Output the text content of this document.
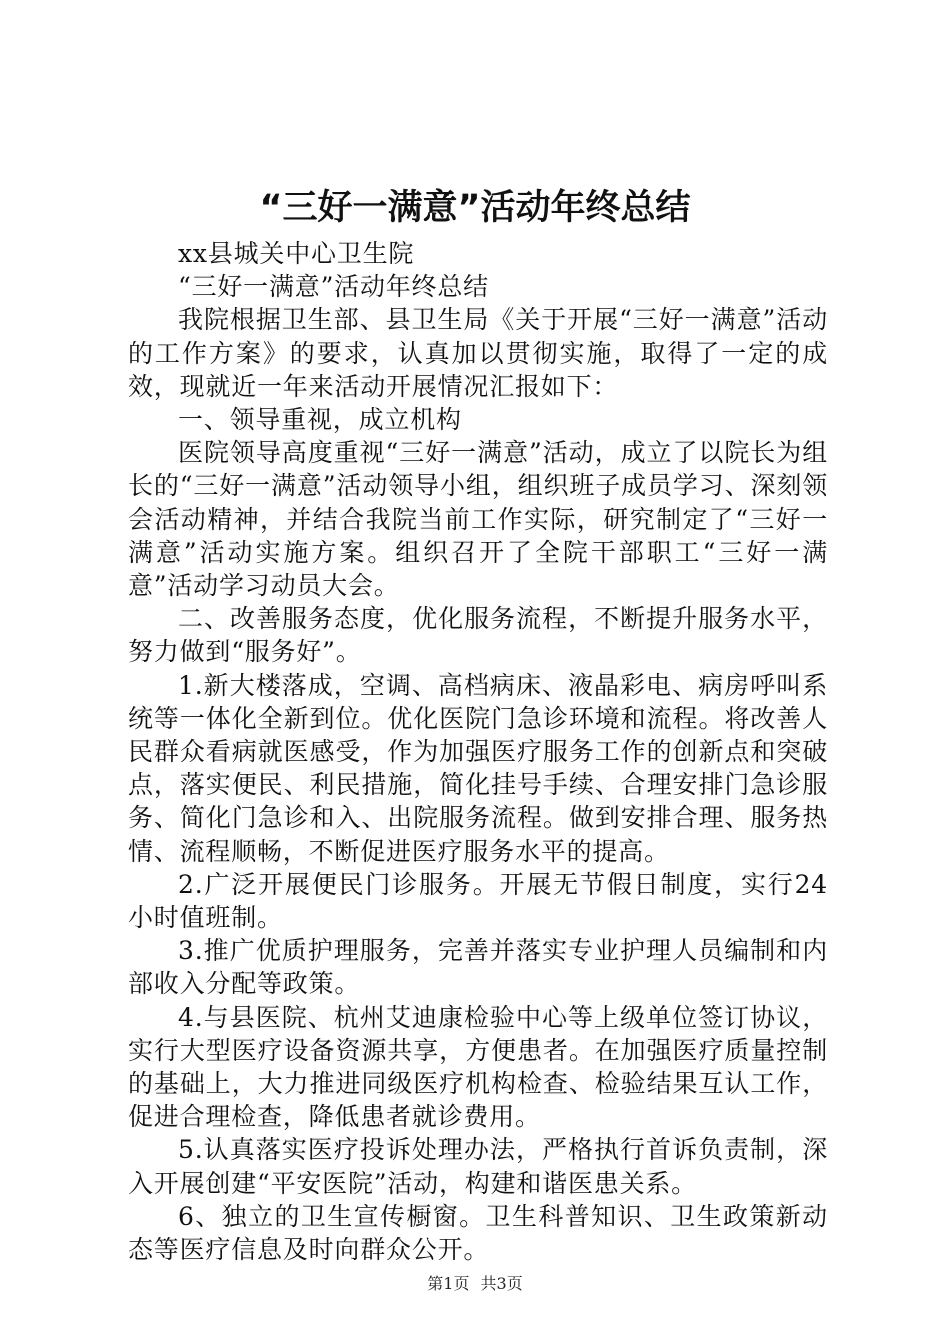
“三好一满意”活动年终总结

xx县城关中心卫生院

“三好一满意”活动年终总结

我院根据卫生部、县卫生局《关于开展“三好一满意”活动的工作方案》的要求，认真加以贯彻实施，取得了一定的成效，现就近一年来活动开展情况汇报如下：

一、领导重视，成立机构

医院领导高度重视“三好一满意”活动，成立了以院长为组长的“三好一满意”活动领导小组，组织班子成员学习、深刻领会活动精神，并结合我院当前工作实际，研究制定了“三好一满意”活动实施方案。组织召开了全院干部职工“三好一满意”活动学习动员大会。

二、改善服务态度，优化服务流程，不断提升服务水平，努力做到“服务好”。

1.新大楼落成，空调、高档病床、液晶彩电、病房呼叫系统等一体化全新到位。优化医院门急诊环境和流程。将改善人民群众看病就医感受，作为加强医疗服务工作的创新点和突破点，落实便民、利民措施，简化挂号手续、合理安排门急诊服务、简化门急诊和入、出院服务流程。做到安排合理、服务热情、流程顺畅，不断促进医疗服务水平的提高。

2.广泛开展便民门诊服务。开展无节假日制度，实行24小时值班制。

3.推广优质护理服务，完善并落实专业护理人员编制和内部收入分配等政策。

4.与县医院、杭州艾迪康检验中心等上级单位签订协议，实行大型医疗设备资源共享，方便患者。在加强医疗质量控制的基础上，大力推进同级医疗机构检查、检验结果互认工作，促进合理检查，降低患者就诊费用。

5.认真落实医疗投诉处理办法，严格执行首诉负责制，深入开展创建“平安医院”活动，构建和谐医患关系。

6、独立的卫生宣传橱窗。卫生科普知识、卫生政策新动态等医疗信息及时向群众公开。

第1页 共3页
